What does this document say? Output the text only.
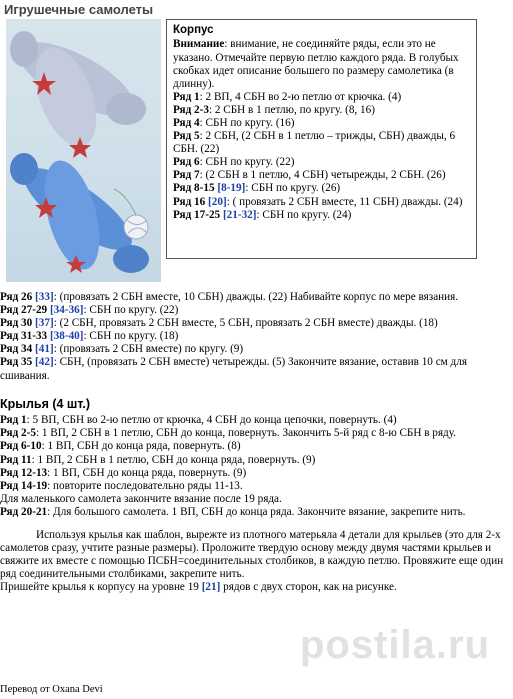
Игрушечные самолеты
Корпус

Внимание: внимание, не соединяйте ряды, если это не указано. Отмечайте первую петлю каждого ряда. В голубых скобках идет описание большего по размеру самолетика (в длинну).

Ряд 1: 2 ВП, 4 СБН во 2-ю петлю от крючка. (4)

Ряд 2-3: 2 СБН в 1 петлю, по кругу. (8, 16)

Ряд 4: СБН по кругу. (16)

Ряд 5: 2 СБН, (2 СБН в 1 петлю – трижды, СБН) дважды, 6 СБН. (22)

Ряд 6: СБН по кругу. (22)

Ряд 7: (2 СБН в 1 петлю, 4 СБН) четырежды, 2 СБН. (26)

Ряд 8-15 [8-19]: СБН по кругу. (26)

Ряд 16 [20]: ( провязать 2 СБН вместе, 11 СБН) дважды. (24)

Ряд 17-25 [21-32]: СБН по кругу. (24)

Ряд 26 [33]: (провязать 2 СБН вместе, 10 СБН) дважды. (22) Набивайте корпус по мере вязания.

Ряд 27-29 [34-36]: СБН по кругу. (22)

Ряд 30 [37]: (2 СБН, провязать 2 СБН вместе, 5 СБН, провязать 2 СБН вместе) дважды. (18)

Ряд 31-33 [38-40]: СБН по кругу. (18)

Ряд 34 [41]: (провязать 2 СБН вместе) по кругу. (9)

Ряд 35 [42]: СБН, (провязать 2 СБН вместе) четырежды. (5) Закончите вязание, оставив 10 см для сшивания.

Крылья (4 шт.)

Ряд 1: 5 ВП, СБН во 2-ю петлю от крючка, 4 СБН до конца цепочки, повернуть. (4)

Ряд 2-5: 1 ВП, 2 СБН в 1 петлю, СБН до конца, повернуть. Закончить 5-й ряд с 8-ю СБН в ряду.

Ряд 6-10: 1 ВП, СБН до конца ряда, повернуть. (8)

Ряд 11: 1 ВП, 2 СБН в 1 петлю, СБН до конца ряда, повернуть. (9)

Ряд 12-13: 1 ВП, СБН до конца ряда, повернуть. (9)

Ряд 14-19: повторите последовательно ряды 11-13.

Для маленького самолета закончите вязание после 19 ряда.

Ряд 20-21: Для большого самолета. 1 ВП, СБН до конца ряда. Закончите вязание, закрепите нить.

Используя крылья как шаблон, вырежте из плотного матерьяла 4 детали для крыльев (это для 2-х самолетов сразу, учтите разные размеры). Проложите твердую основу между двумя частями крыльев и свяжите их вместе с помощью ПСБН=соединительных столбиков, в каждую петлю. Провяжите еще один ряд соединительными столбиками, закрепите нить.

Пришейте крылья к корпусу на уровне 19 [21] рядов с двух сторон, как на рисунке.

Перевод от Oxana Devi
postila.ru
